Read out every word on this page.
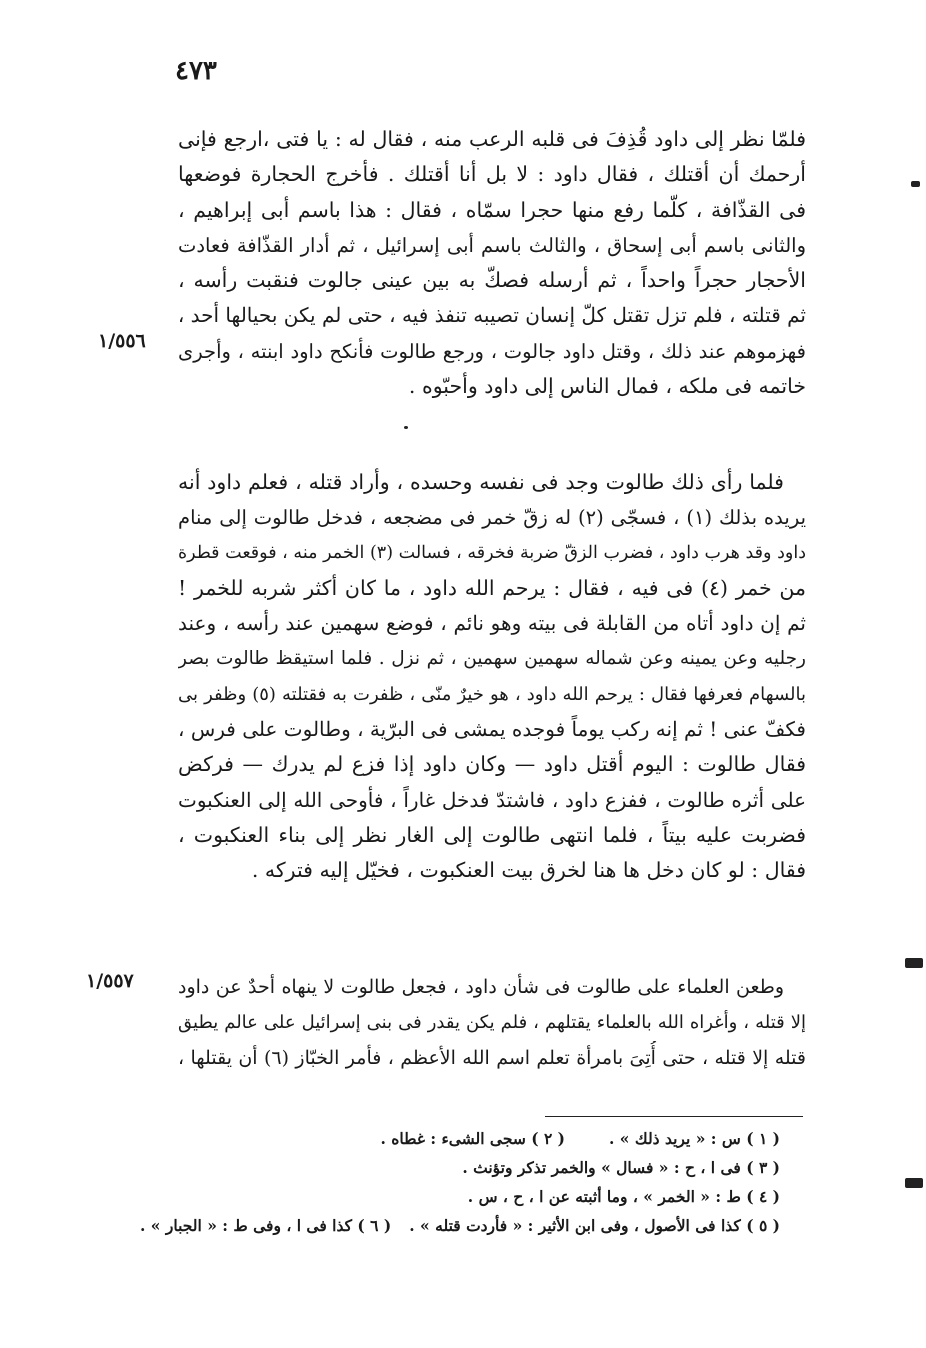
٤٧٣
١/٥٥٦
١/٥٥٧
فلمّا نظر إلى داود قُذِفَ فى قلبه الرعب منه ، فقال له : يا فتى ،ارجع فإنى
أرحمك أن أقتلك ، فقال داود : لا بل أنا أقتلك . فأخرج الحجارة فوضعها
فى القذّافة ، كلّما رفع منها حجرا سمّاه ، فقال : هذا باسم أبى إبراهيم ،
والثانى باسم أبى إسحاق ، والثالث باسم أبى إسرائيل ، ثم أدار القذّافة فعادت
الأحجار حجراً واحداً ، ثم أرسله فصكّ به بين عينى جالوت فنقبت رأسه ،
ثم قتلته ، فلم تزل تقتل كلّ إنسان تصيبه تنفذ فيه ، حتى لم يكن بحيالها أحد ،
فهزموهم عند ذلك ، وقتل داود جالوت ، ورجع طالوت فأنكح داود ابنته ، وأجرى
خاتمه فى ملكه ، فمال الناس إلى داود وأحبّوه .
فلما رأى ذلك طالوت وجد فى نفسه وحسده ، وأراد قتله ، فعلم داود أنه
يريده بذلك (١) ، فسجّى (٢) له زقّ خمر فى مضجعه ، فدخل طالوت إلى منام
داود وقد هرب داود ، فضرب الزقّ ضربة فخرقه ، فسالت (٣) الخمر منه ، فوقعت قطرة
من خمر (٤) فى فيه ، فقال : يرحم الله داود ، ما كان أكثر شربه للخمر !
ثم إن داود أتاه من القابلة فى بيته وهو نائم ، فوضع سهمين عند رأسه ، وعند
رجليه وعن يمينه وعن شماله سهمين سهمين ، ثم نزل . فلما استيقظ طالوت بصر
بالسهام فعرفها فقال : يرحم الله داود ، هو خيرٌ منّى ، ظفرت به فقتلته (٥) وظفر بى
فكفّ عنى ! ثم إنه ركب يوماً فوجده يمشى فى البرّية ، وطالوت على فرس ،
فقال طالوت : اليوم أقتل داود — وكان داود إذا فزع لم يدرك — فركض
على أثره طالوت ، ففزع داود ، فاشتدّ فدخل غاراً ، فأوحى الله إلى العنكبوت
فضربت عليه بيتاً ، فلما انتهى طالوت إلى الغار نظر إلى بناء العنكبوت ،
فقال : لو كان دخل ها هنا لخرق بيت العنكبوت ، فخيّل إليه فتركه .
وطعن العلماء على طالوت فى شأن داود ، فجعل طالوت لا ينهاه أحدٌ عن داود
إلا قتله ، وأغراه الله بالعلماء يقتلهم ، فلم يكن يقدر فى بنى إسرائيل على عالم يطيق
قتله إلا قتله ، حتى أُتِىَ بامرأة تعلم اسم الله الأعظم ، فأمر الخبّاز (٦) أن يقتلها ،
( ١ ) س : « يريد ذلك » .
( ٢ ) سجى الشىء : غطاه .
( ٣ ) فى ا ، ح : « فسال » والخمر تذكر وتؤنث .
( ٤ ) ط : « الخمر » ، وما أثبته عن ا ، ح ، س .
( ٥ ) كذا فى الأصول ، وفى ابن الأثير : « فأردت قتله » .
( ٦ ) كذا فى ا ، وفى ط : « الجبار » .
